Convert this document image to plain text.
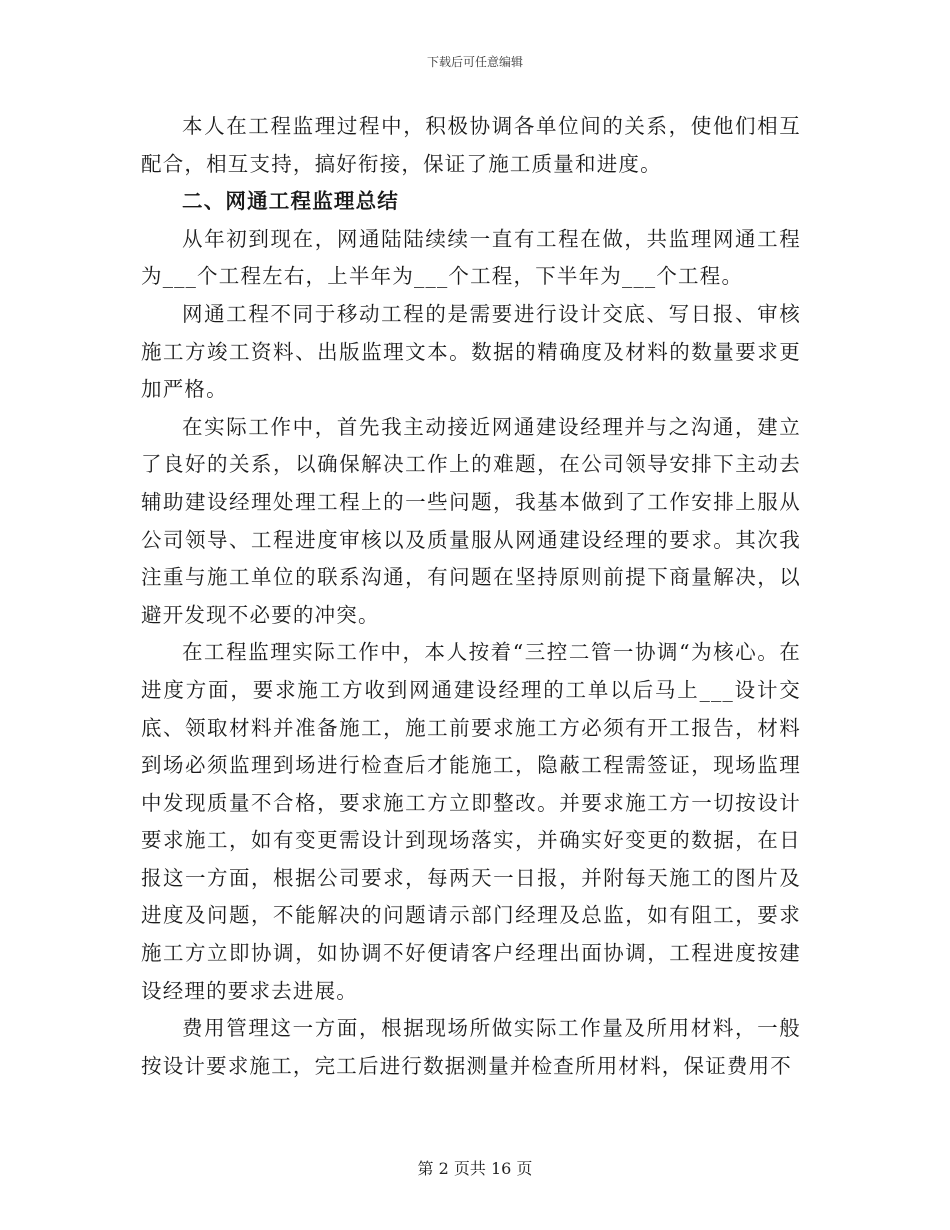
下载后可任意编辑

本人在工程监理过程中，积极协调各单位间的关系，使他们相互配合，相互支持，搞好衔接，保证了施工质量和进度。

二、网通工程监理总结

从年初到现在，网通陆陆续续一直有工程在做，共监理网通工程为___个工程左右，上半年为___个工程，下半年为___个工程。

网通工程不同于移动工程的是需要进行设计交底、写日报、审核施工方竣工资料、出版监理文本。数据的精确度及材料的数量要求更加严格。

在实际工作中，首先我主动接近网通建设经理并与之沟通，建立了良好的关系，以确保解决工作上的难题，在公司领导安排下主动去辅助建设经理处理工程上的一些问题，我基本做到了工作安排上服从公司领导、工程进度审核以及质量服从网通建设经理的要求。其次我注重与施工单位的联系沟通，有问题在坚持原则前提下商量解决，以避开发现不必要的冲突。

在工程监理实际工作中，本人按着“三控二管一协调“为核心。在进度方面，要求施工方收到网通建设经理的工单以后马上___设计交底、领取材料并准备施工，施工前要求施工方必须有开工报告，材料到场必须监理到场进行检查后才能施工，隐蔽工程需签证，现场监理中发现质量不合格，要求施工方立即整改。并要求施工方一切按设计要求施工，如有变更需设计到现场落实，并确实好变更的数据，在日报这一方面，根据公司要求，每两天一日报，并附每天施工的图片及进度及问题，不能解决的问题请示部门经理及总监，如有阻工，要求施工方立即协调，如协调不好便请客户经理出面协调，工程进度按建设经理的要求去进展。

费用管理这一方面，根据现场所做实际工作量及所用材料，一般按设计要求施工，完工后进行数据测量并检查所用材料，保证费用不

第 2 页共 16 页
